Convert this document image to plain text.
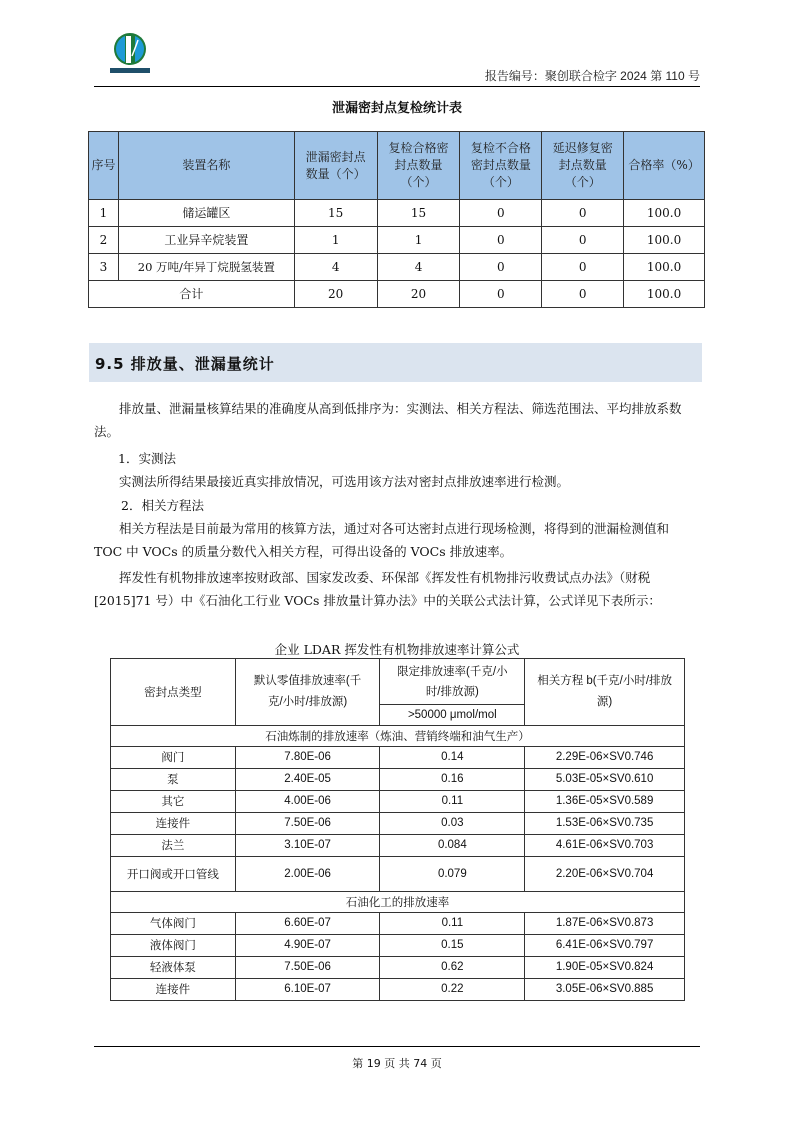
报告编号：聚创联合检字 2024 第 110 号
泄漏密封点复检统计表
序号	装置名称	泄漏密封点数量（个）	复检合格密封点数量（个）	复检不合格密封点数量（个）	延迟修复密封点数量（个）	合格率（%）
1	储运罐区	15	15	0	0	100.0
2	工业异辛烷装置	1	1	0	0	100.0
3	20 万吨/年异丁烷脱氢装置	4	4	0	0	100.0
合计		20	20	0	0	100.0
9.5 排放量、泄漏量统计
排放量、泄漏量核算结果的准确度从高到低排序为：实测法、相关方程法、筛选范围法、平均排放系数法。
1．实测法
实测法所得结果最接近真实排放情况，可选用该方法对密封点排放速率进行检测。
2．相关方程法
相关方程法是目前最为常用的核算方法，通过对各可达密封点进行现场检测，将得到的泄漏检测值和 TOC 中 VOCs 的质量分数代入相关方程，可得出设备的 VOCs 排放速率。
挥发性有机物排放速率按财政部、国家发改委、环保部《挥发性有机物排污收费试点办法》（财税[2015]71 号）中《石油化工行业 VOCs 排放量计算办法》中的关联公式法计算，公式详见下表所示：
企业 LDAR 挥发性有机物排放速率计算公式
密封点类型	默认零值排放速率(千克/小时/排放源)	限定排放速率(千克/小时/排放源)	相关方程 b(千克/小时/排放源)
		>50000 μmol/mol	
石油炼制的排放速率（炼油、营销终端和油气生产）			
阀门	7.80E-06	0.14	2.29E-06×SV0.746
泵	2.40E-05	0.16	5.03E-05×SV0.610
其它	4.00E-06	0.11	1.36E-05×SV0.589
连接件	7.50E-06	0.03	1.53E-06×SV0.735
法兰	3.10E-07	0.084	4.61E-06×SV0.703
开口阀或开口管线	2.00E-06	0.079	2.20E-06×SV0.704
石油化工的排放速率			
气体阀门	6.60E-07	0.11	1.87E-06×SV0.873
液体阀门	4.90E-07	0.15	6.41E-06×SV0.797
轻液体泵	7.50E-06	0.62	1.90E-05×SV0.824
连接件	6.10E-07	0.22	3.05E-06×SV0.885
第 19 页 共 74 页
